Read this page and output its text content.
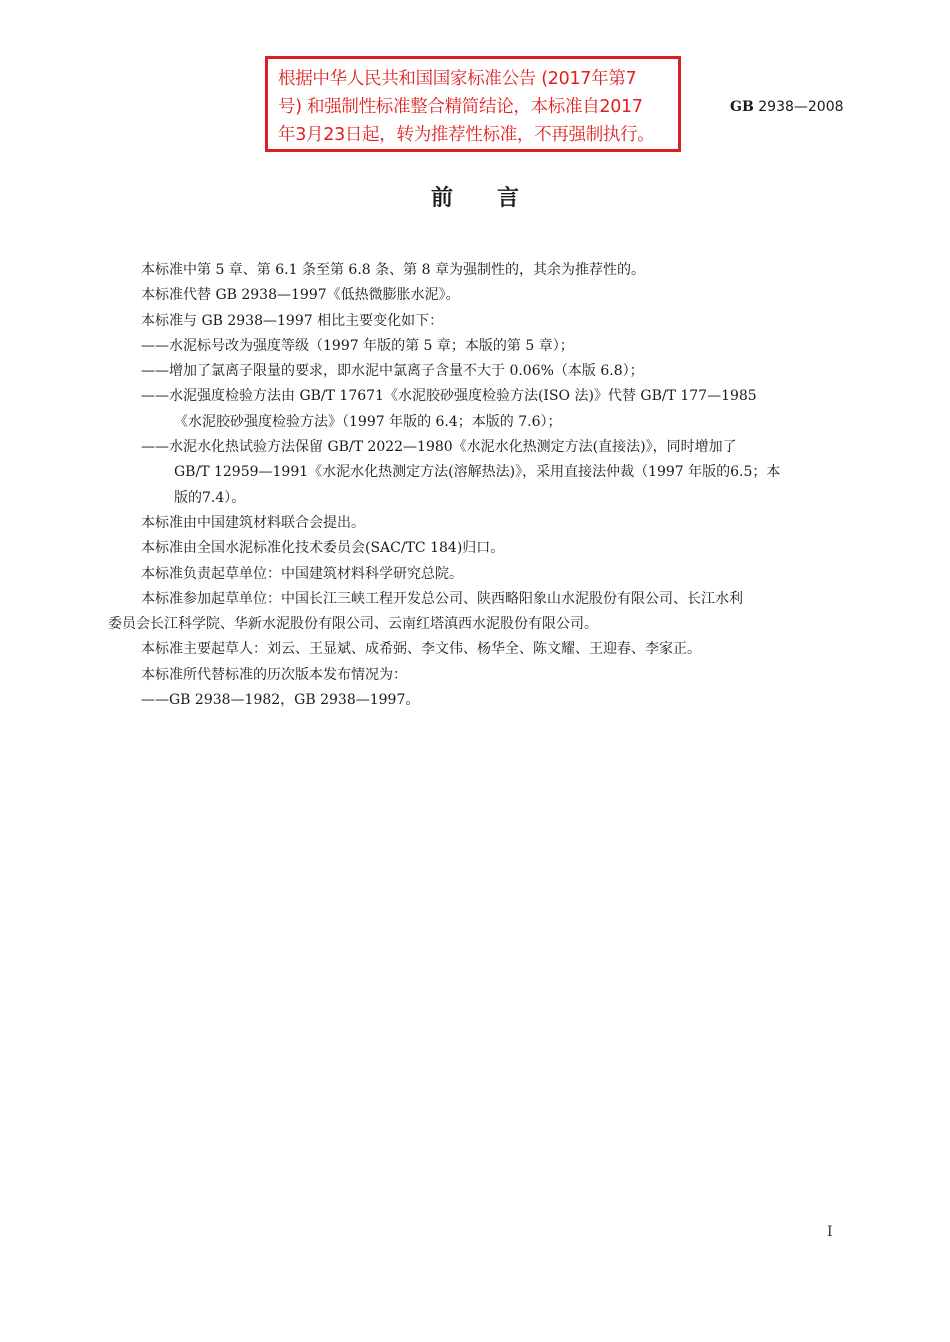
根据中华人民共和国国家标准公告 (2017年第7
号) 和强制性标准整合精简结论，本标准自2017
年3月23日起，转为推荐性标准，不再强制执行。
GB 2938—2008
前言
本标准中第 5 章、第 6.1 条至第 6.8 条、第 8 章为强制性的，其余为推荐性的。
本标准代替 GB 2938—1997《低热微膨胀水泥》。
本标准与 GB 2938—1997 相比主要变化如下：
——水泥标号改为强度等级（1997 年版的第 5 章；本版的第 5 章）；
——增加了氯离子限量的要求，即水泥中氯离子含量不大于 0.06%（本版 6.8）；
——水泥强度检验方法由 GB/T 17671《水泥胶砂强度检验方法(ISO 法)》代替 GB/T 177—1985
《水泥胶砂强度检验方法》（1997 年版的 6.4；本版的 7.6）；
——水泥水化热试验方法保留 GB/T 2022—1980《水泥水化热测定方法(直接法)》，同时增加了
GB/T 12959—1991《水泥水化热测定方法(溶解热法)》，采用直接法仲裁（1997 年版的6.5；本
版的7.4）。
本标准由中国建筑材料联合会提出。
本标准由全国水泥标准化技术委员会(SAC/TC 184)归口。
本标准负责起草单位：中国建筑材料科学研究总院。
本标准参加起草单位：中国长江三峡工程开发总公司、陕西略阳象山水泥股份有限公司、长江水利
委员会长江科学院、华新水泥股份有限公司、云南红塔滇西水泥股份有限公司。
本标准主要起草人：刘云、王显斌、成希弼、李文伟、杨华全、陈文耀、王迎春、李家正。
本标准所代替标准的历次版本发布情况为：
——GB 2938—1982，GB 2938—1997。
I
